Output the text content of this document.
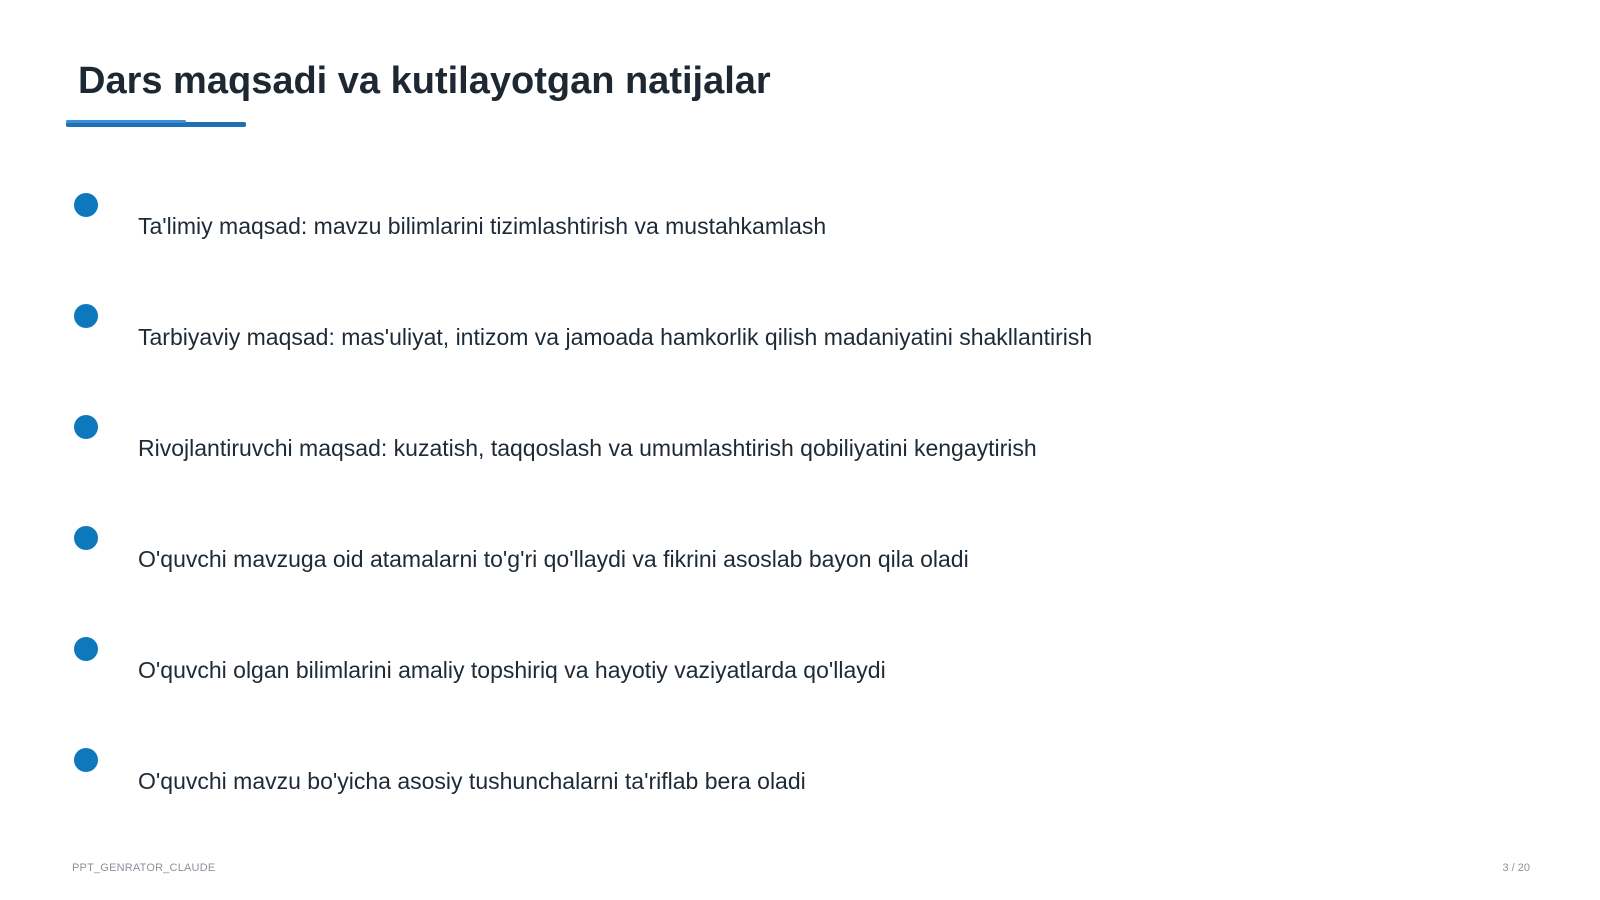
Dars maqsadi va kutilayotgan natijalar
Ta'limiy maqsad: mavzu bilimlarini tizimlashtirish va mustahkamlash
Tarbiyaviy maqsad: mas'uliyat, intizom va jamoada hamkorlik qilish madaniyatini shakllantirish
Rivojlantiruvchi maqsad: kuzatish, taqqoslash va umumlashtirish qobiliyatini kengaytirish
O'quvchi mavzuga oid atamalarni to'g'ri qo'llaydi va fikrini asoslab bayon qila oladi
O'quvchi olgan bilimlarini amaliy topshiriq va hayotiy vaziyatlarda qo'llaydi
O'quvchi mavzu bo'yicha asosiy tushunchalarni ta'riflab bera oladi
PPT_GENRATOR_CLAUDE	3 / 20
